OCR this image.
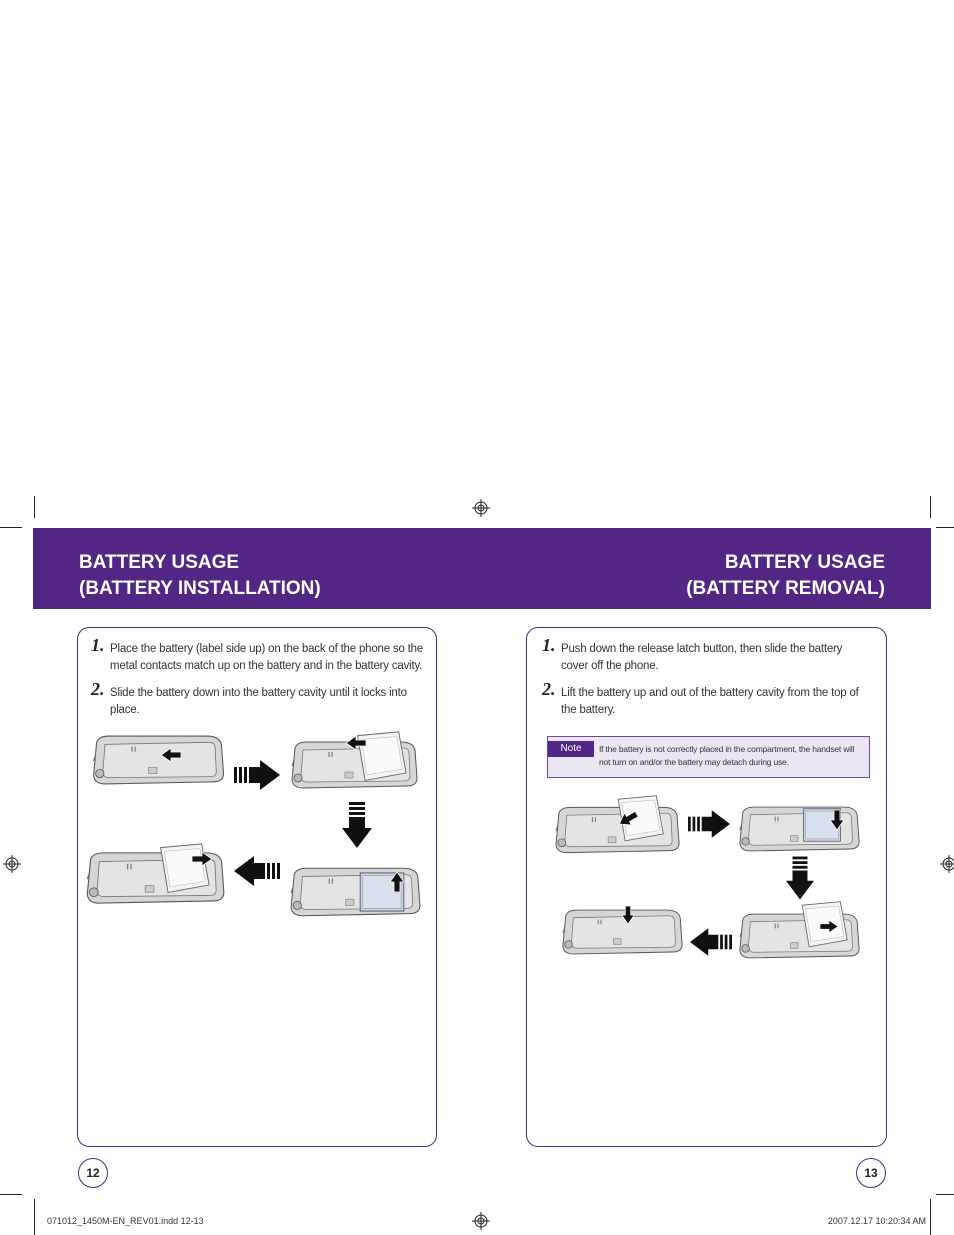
BATTERY USAGE
(BATTERY INSTALLATION)
BATTERY USAGE
(BATTERY REMOVAL)
1. Place the battery (label side up) on the back of the phone so the metal contacts match up on the battery and in the battery cavity.
2. Slide the battery down into the battery cavity until it locks into place.
1. Push down the release latch button, then slide the battery cover off the phone.
2. Lift the battery up and out of the battery cavity from the top of the battery.
Note	If the battery is not correctly placed in the compartment, the handset will not turn on and/or the battery may detach during use.
12	13
071012_1450M-EN_REV01.indd 12-13	2007.12.17 10:20:34 AM
